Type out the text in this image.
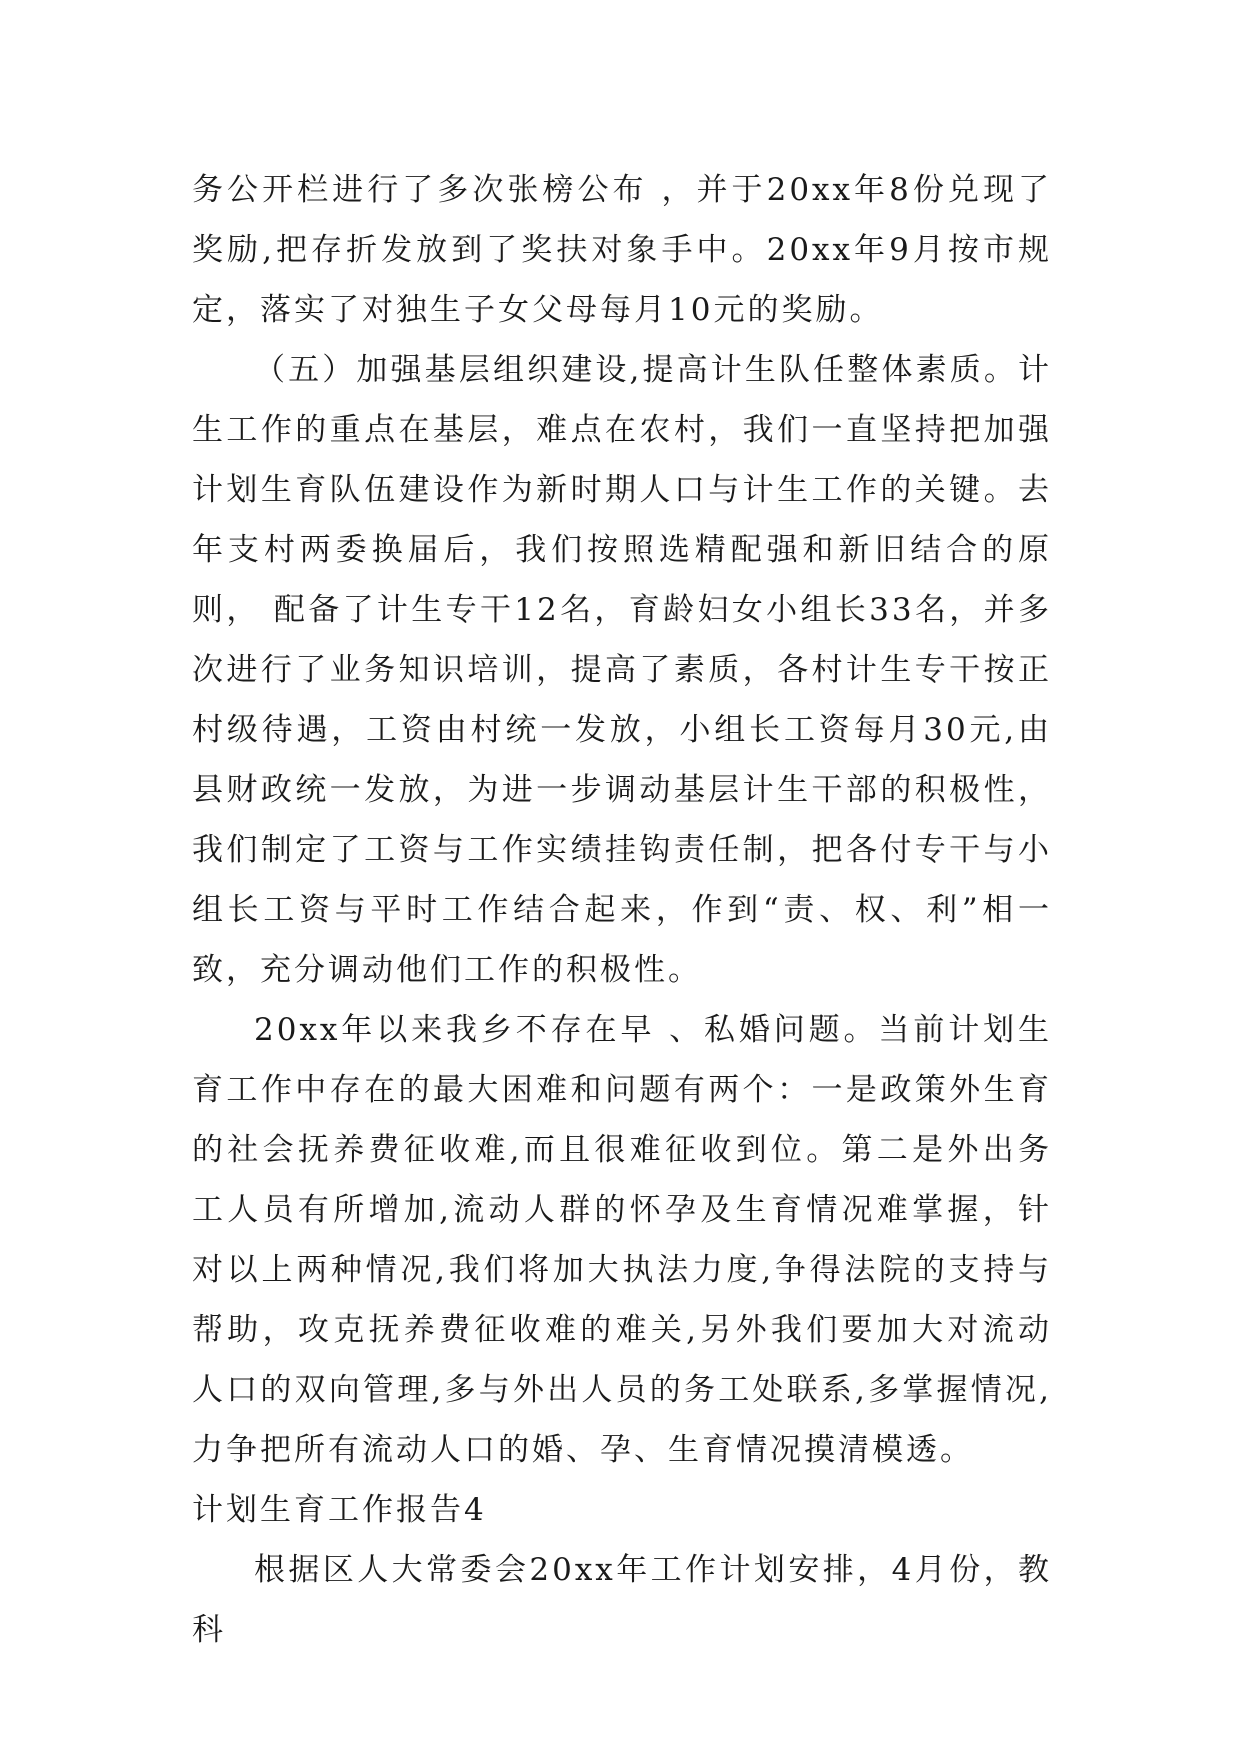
务公开栏进行了多次张榜公布 ，并于20xx年8份兑现了奖励,把存折发放到了奖扶对象手中。20xx年9月按市规定，落实了对独生子女父母每月10元的奖励。

（五）加强基层组织建设,提高计生队任整体素质。计生工作的重点在基层，难点在农村，我们一直坚持把加强计划生育队伍建设作为新时期人口与计生工作的关键。去年支村两委换届后，我们按照选精配强和新旧结合的原则， 配备了计生专干12名，育龄妇女小组长33名，并多次进行了业务知识培训，提高了素质，各村计生专干按正村级待遇，工资由村统一发放，小组长工资每月30元,由县财政统一发放，为进一步调动基层计生干部的积极性，我们制定了工资与工作实绩挂钩责任制，把各付专干与小组长工资与平时工作结合起来，作到“责、权、利”相一致，充分调动他们工作的积极性。

20xx年以来我乡不存在早 、私婚问题。当前计划生育工作中存在的最大困难和问题有两个：一是政策外生育的社会抚养费征收难,而且很难征收到位。第二是外出务工人员有所增加,流动人群的怀孕及生育情况难掌握，针对以上两种情况,我们将加大执法力度,争得法院的支持与帮助，攻克抚养费征收难的难关,另外我们要加大对流动人口的双向管理,多与外出人员的务工处联系,多掌握情况,力争把所有流动人口的婚、孕、生育情况摸清模透。

计划生育工作报告4

根据区人大常委会20xx年工作计划安排，4月份，教科
